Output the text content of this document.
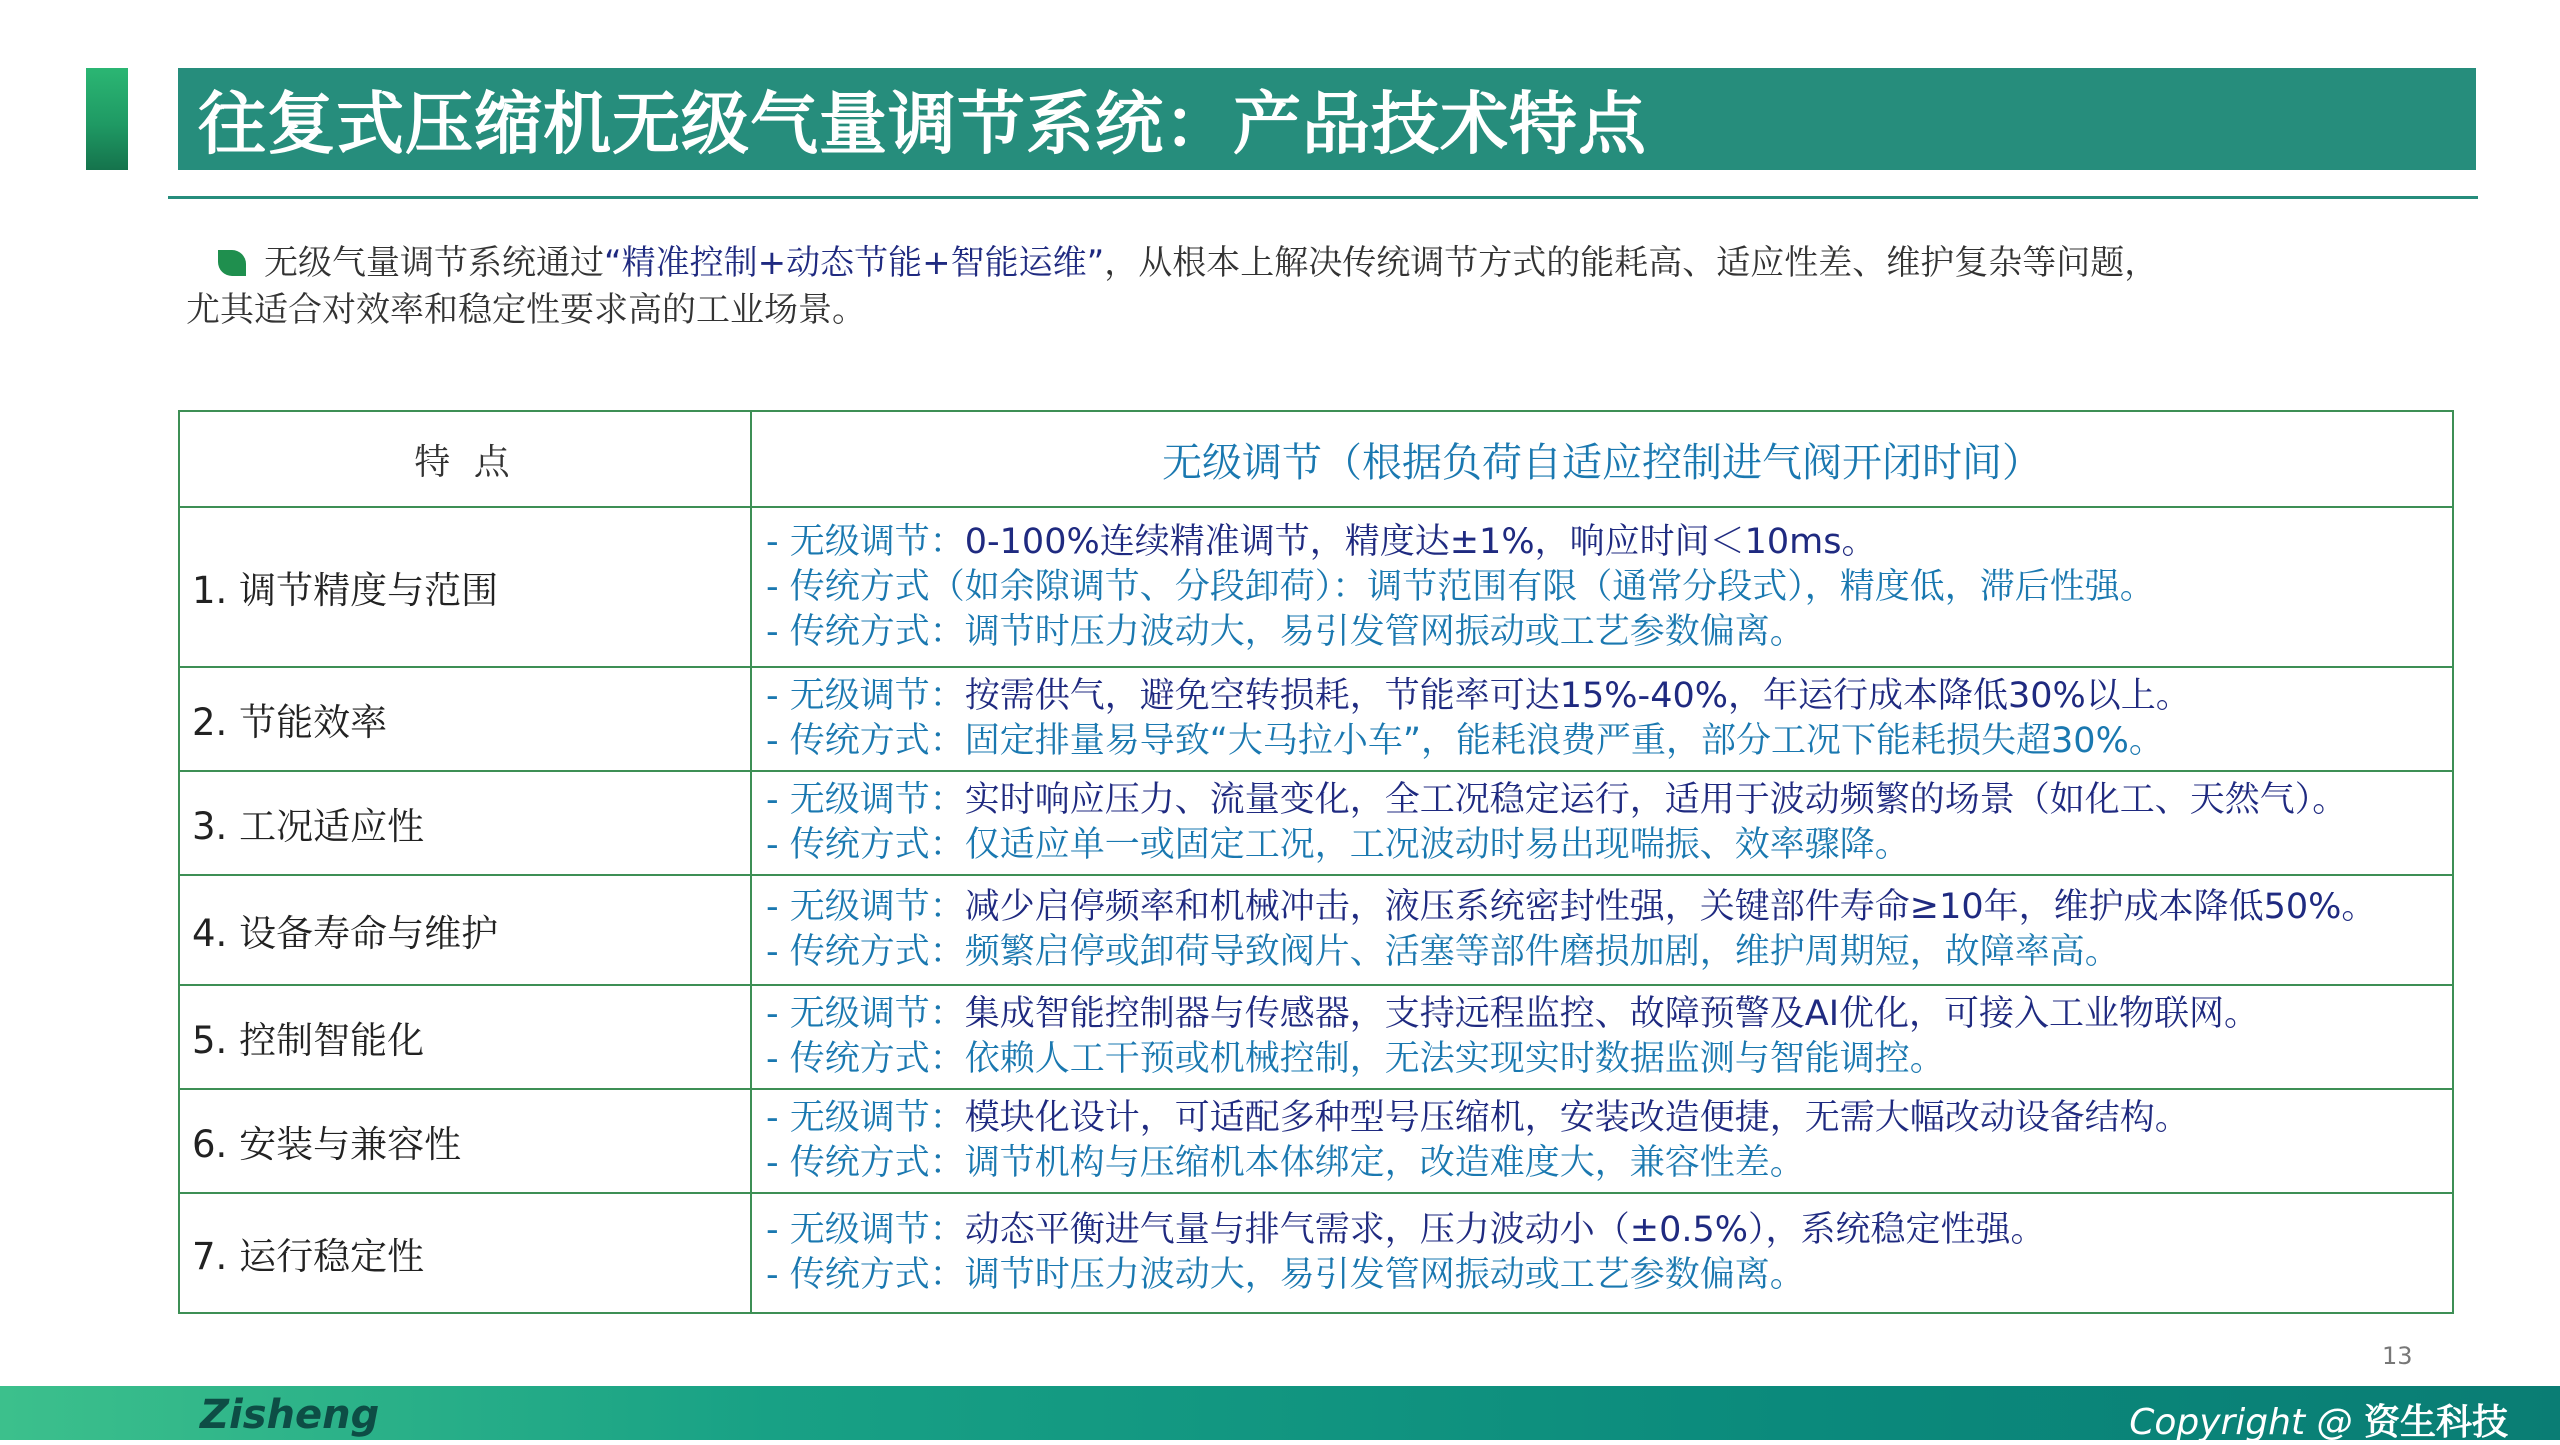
往复式压缩机无级气量调节系统：产品技术特点
无级气量调节系统通过“精准控制+动态节能+智能运维”，从根本上解决传统调节方式的能耗高、适应性差、维护复杂等问题，
尤其适合对效率和稳定性要求高的工业场景。
特 点	无级调节（根据负荷自适应控制进气阀开闭时间）
1. 调节精度与范围	- 无级调节：0-100%连续精准调节，精度达±1%，响应时间＜10ms。
- 传统方式（如余隙调节、分段卸荷）：调节范围有限（通常分段式），精度低，滞后性强。
- 传统方式：调节时压力波动大，易引发管网振动或工艺参数偏离。

2. 节能效率	- 无级调节：按需供气，避免空转损耗，节能率可达15%-40%，年运行成本降低30%以上。
- 传统方式：固定排量易导致“大马拉小车”，能耗浪费严重，部分工况下能耗损失超30%。

3. 工况适应性	- 无级调节：实时响应压力、流量变化，全工况稳定运行，适用于波动频繁的场景（如化工、天然气）。
- 传统方式：仅适应单一或固定工况，工况波动时易出现喘振、效率骤降。

4. 设备寿命与维护	- 无级调节：减少启停频率和机械冲击，液压系统密封性强，关键部件寿命≥10年，维护成本降低50%。
- 传统方式：频繁启停或卸荷导致阀片、活塞等部件磨损加剧，维护周期短，故障率高。

5. 控制智能化	- 无级调节：集成智能控制器与传感器，支持远程监控、故障预警及AI优化，可接入工业物联网。
- 传统方式：依赖人工干预或机械控制，无法实现实时数据监测与智能调控。

6. 安装与兼容性	- 无级调节：模块化设计，可适配多种型号压缩机，安装改造便捷，无需大幅改动设备结构。
- 传统方式：调节机构与压缩机本体绑定，改造难度大，兼容性差。

7. 运行稳定性	- 无级调节：动态平衡进气量与排气需求，压力波动小（±0.5%），系统稳定性强。
- 传统方式：调节时压力波动大，易引发管网振动或工艺参数偏离。
13
Zisheng	Copyright @ 资生科技
